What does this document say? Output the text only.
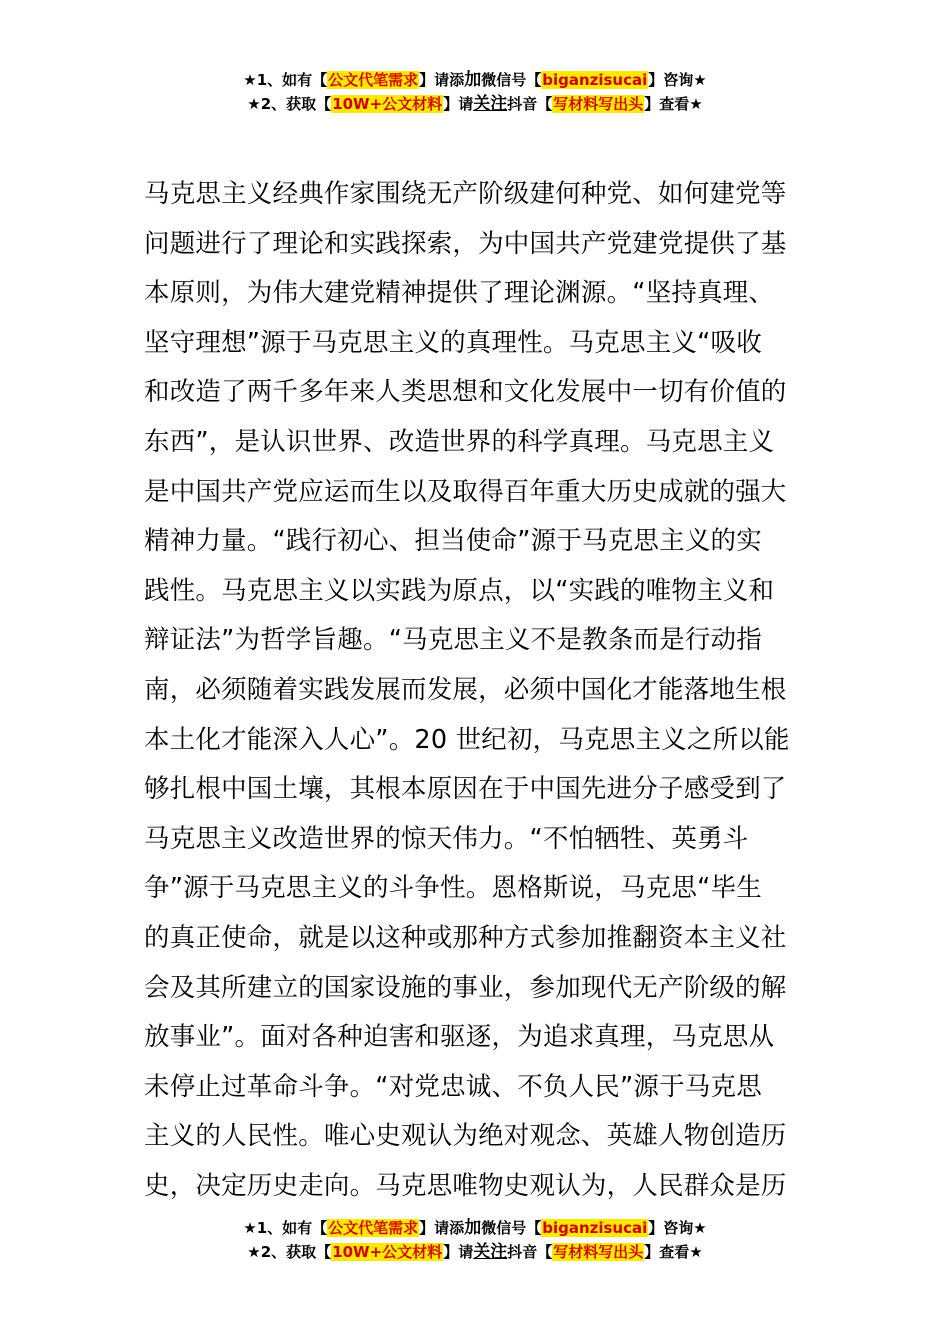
★1、如有【公文代笔需求】请添加微信号【biganzisucai】咨询★
★2、获取【10W+公文材料】请关注抖音【写材料写出头】查看★
马克思主义经典作家围绕无产阶级建何种党、如何建党等
问题进行了理论和实践探索，为中国共产党建党提供了基
本原则，为伟大建党精神提供了理论渊源。“坚持真理、
坚守理想”源于马克思主义的真理性。马克思主义“吸收
和改造了两千多年来人类思想和文化发展中一切有价值的
东西”，是认识世界、改造世界的科学真理。马克思主义
是中国共产党应运而生以及取得百年重大历史成就的强大
精神力量。“践行初心、担当使命”源于马克思主义的实
践性。马克思主义以实践为原点，以“实践的唯物主义和
辩证法”为哲学旨趣。“马克思主义不是教条而是行动指
南，必须随着实践发展而发展，必须中国化才能落地生根
本土化才能深入人心”。20 世纪初，马克思主义之所以能
够扎根中国土壤，其根本原因在于中国先进分子感受到了
马克思主义改造世界的惊天伟力。“不怕牺牲、英勇斗
争”源于马克思主义的斗争性。恩格斯说，马克思“毕生
的真正使命，就是以这种或那种方式参加推翻资本主义社
会及其所建立的国家设施的事业，参加现代无产阶级的解
放事业”。面对各种迫害和驱逐，为追求真理，马克思从
未停止过革命斗争。“对党忠诚、不负人民”源于马克思
主义的人民性。唯心史观认为绝对观念、英雄人物创造历
史，决定历史走向。马克思唯物史观认为，人民群众是历
★1、如有【公文代笔需求】请添加微信号【biganzisucai】咨询★
★2、获取【10W+公文材料】请关注抖音【写材料写出头】查看★
